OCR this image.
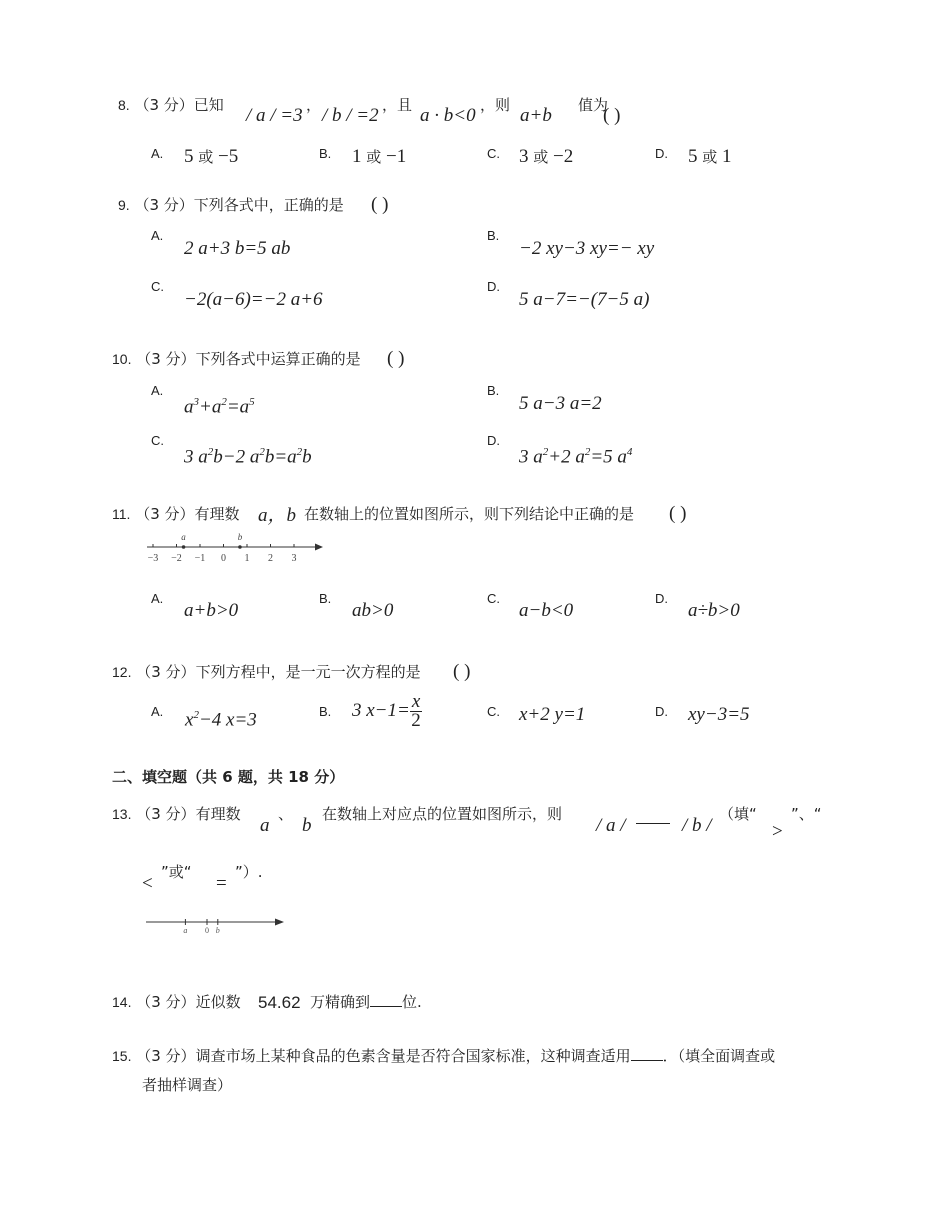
8. （3 分）已知 / a / =3 ， / b / =2 ，且 a · b<0 ，则 a+b 值为
( )
A. 5 或 −5	B. 1 或 −1	C. 3 或 −2	D. 5 或 1
9. （3 分）下列各式中，正确的是 ( )
A.
2 a+3 b=5 ab
B.
−2 xy−3 xy=− xy
C.
−2(a−6)=−2 a+6
D.
5 a−7=−(7−5 a)
10. （3 分）下列各式中运算正确的是 ( )
A.
$a^3+a^2=a^5$
B.
5 a−3 a=2
C.
3 $a^2b-2$ $a^2b=a^2b$
D.
3 $a^2+2$ $a^2=5$ $a^4$
11. （3 分）有理数 a，b 在数轴上的位置如图所示，则下列结论中正确的是 ( )
−3 −2 −1 0 1 2 3
a	b
A.
a+b>0
B.
ab>0
C.
a−b<0
D.
a÷b>0
12. （3 分）下列方程中，是一元一次方程的是 ( )
A. $x^2-4$ x=3	B. 3 $x-1= \frac{x}{2}$	C. x+2 y=1	D. xy−3=5
二、填空题（共 6 题，共 18 分）
13. （3 分）有理数
a
、
b
在数轴上对应点的位置如图所示，则
/ a /	/ b /
（填“
>
”、“
<
”或“
=
”）.
a 0 b
14. （3 分）近似数 54.62 万精确到 位.
15. （3 分）调查市场上某种食品的色素含量是否符合国家标准，这种调查适用 ．（填全面调查或
者抽样调查）
